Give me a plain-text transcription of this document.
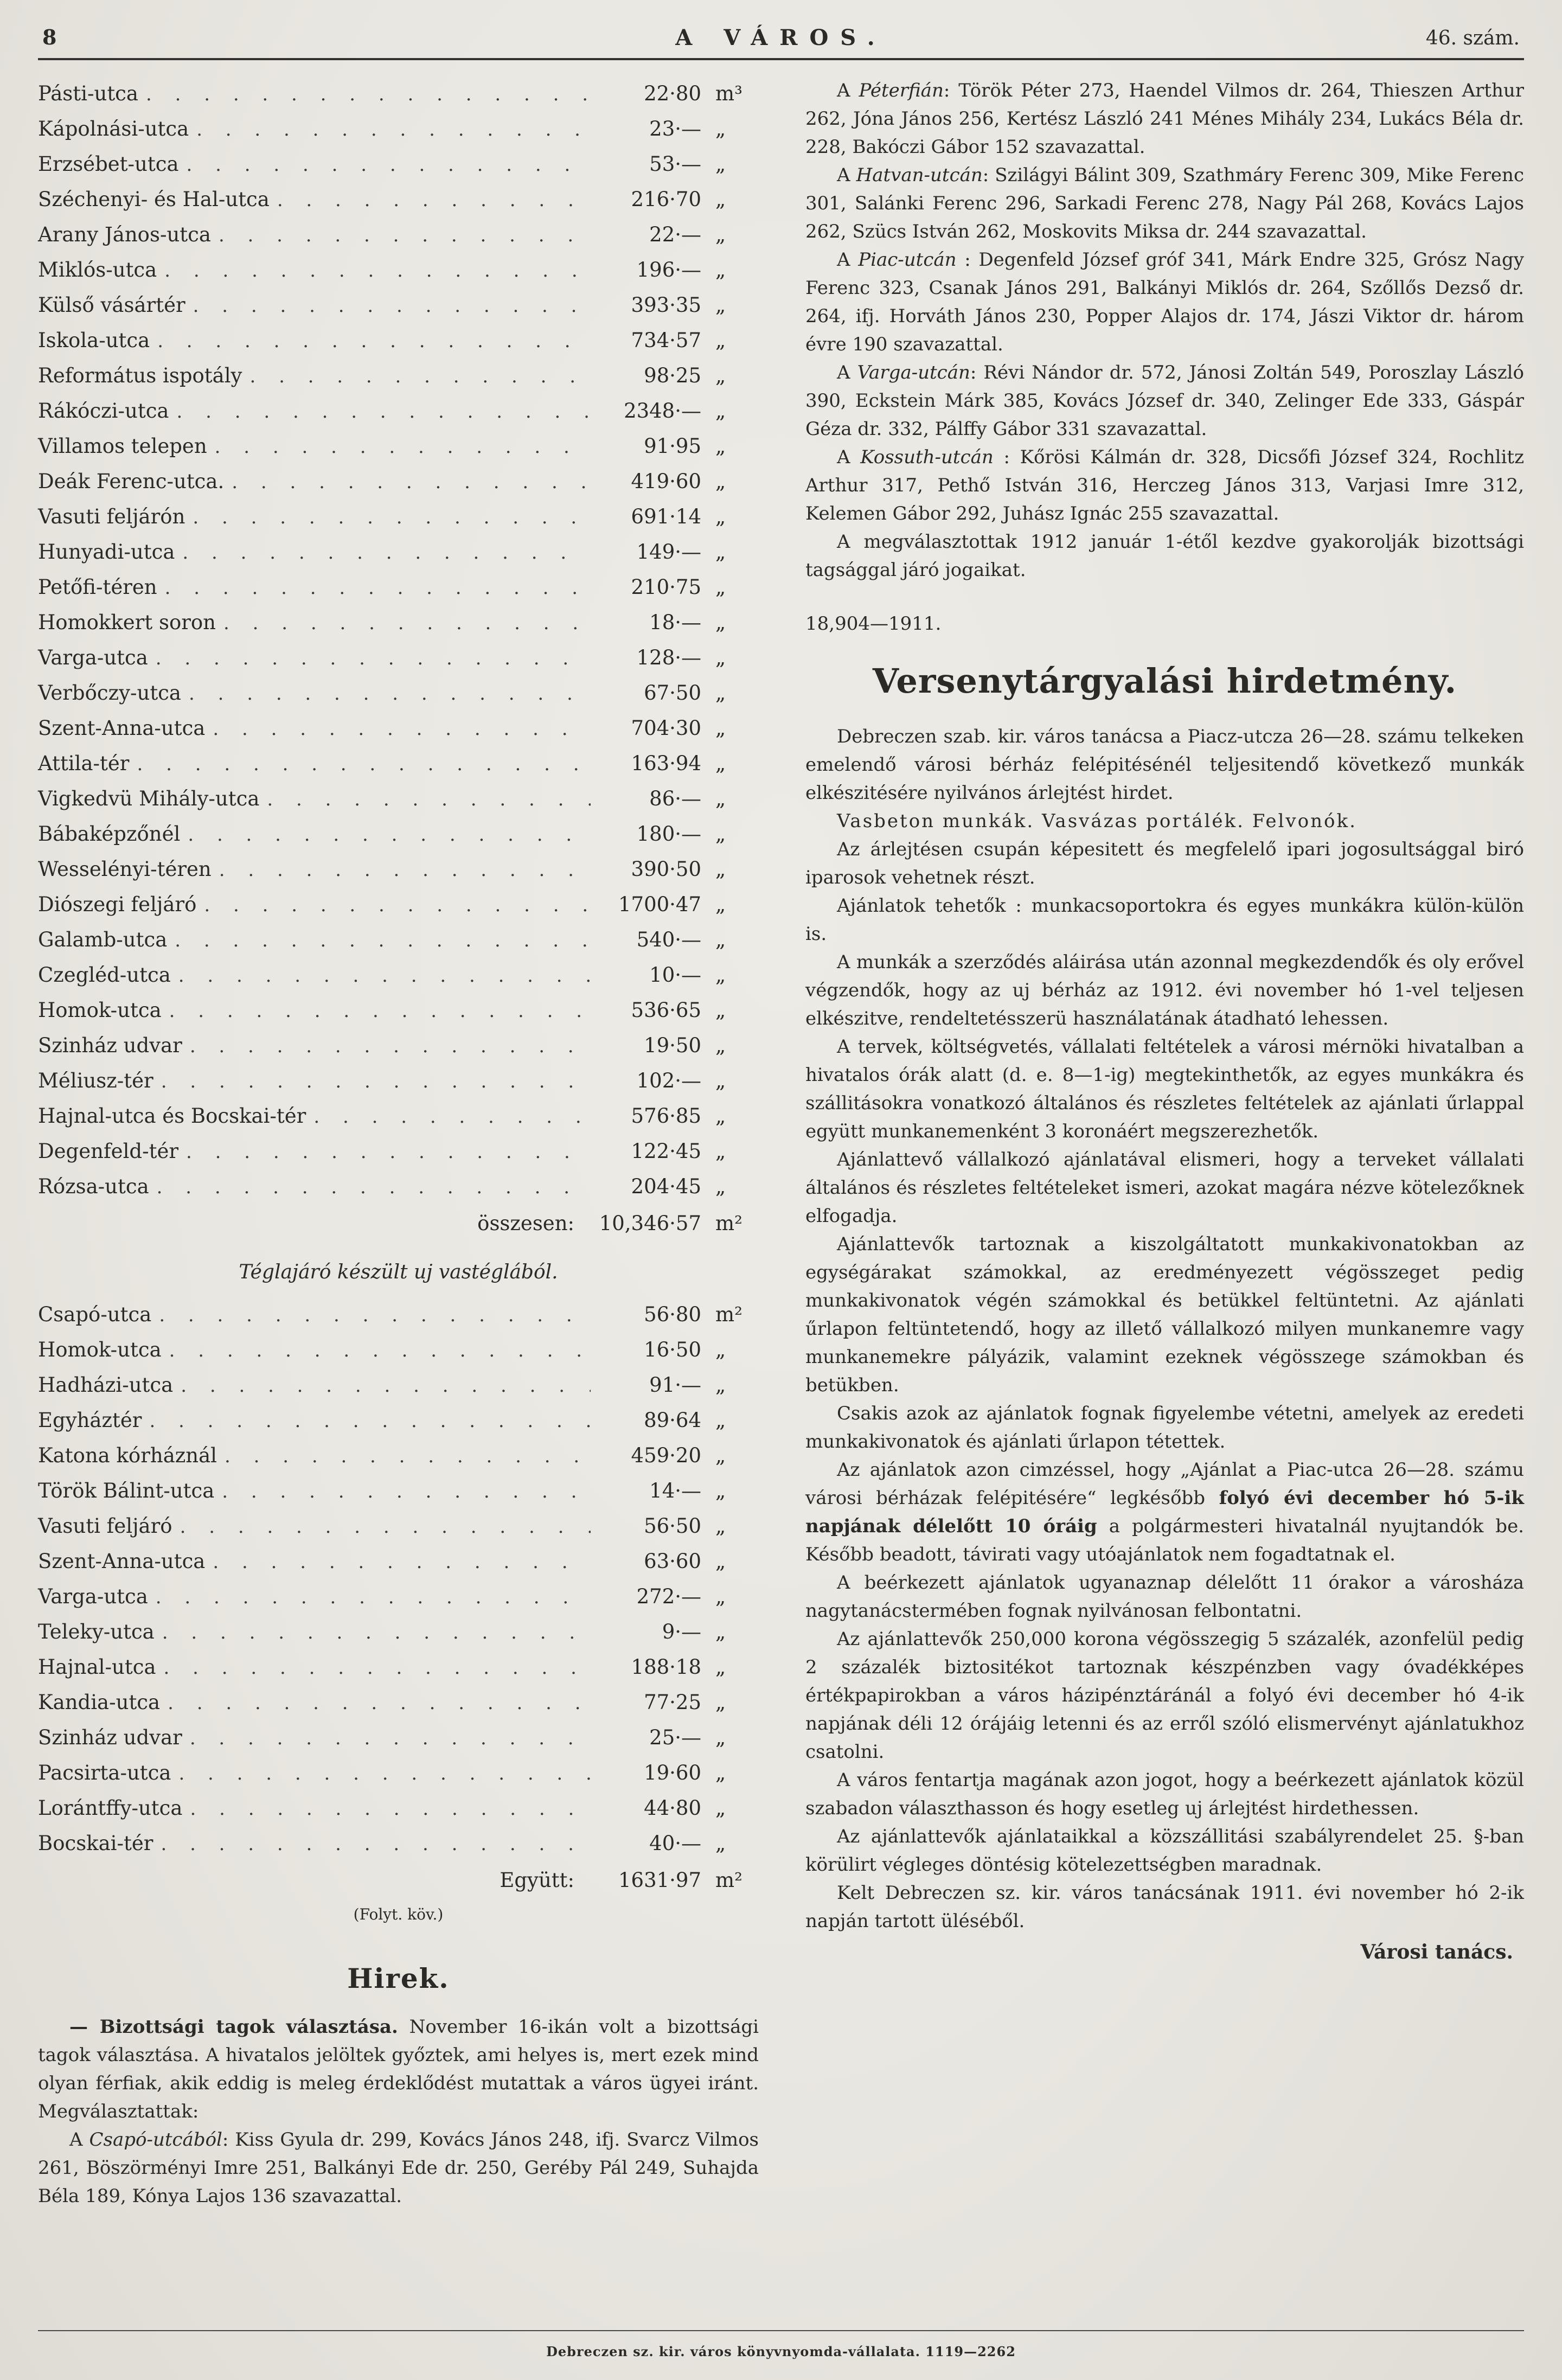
8	A VÁROS.	46. szám.
Pásti-utca . . .	22·80 m³
Kápolnási-utca . . .	23·— „
Erzsébet-utca . . .	53·— „
Széchenyi- és Hal-utca . . .	216·70 „
Arany János-utca . . .	22·— „
Miklós-utca . . .	196·— „
Külső vásártér . . .	393·35 „
Iskola-utca . . .	734·57 „
Református ispotály . . .	98·25 „
Rákóczi-utca . . .	2348·— „
Villamos telepen . . .	91·95 „
Deák Ferenc-utca. . . .	419·60 „
Vasuti feljárón . . .	691·14 „
Hunyadi-utca . . .	149·— „
Petőfi-téren . . .	210·75 „
Homokkert soron . . .	18·— „
Varga-utca . . .	128·— „
Verbőczy-utca . . .	67·50 „
Szent-Anna-utca . . .	704·30 „
Attila-tér . . .	163·94 „
Vigkedvü Mihály-utca . . .	86·— „
Bábaképzőnél . . .	180·— „
Wesselényi-téren . . .	390·50 „
Diószegi feljáró . . .	1700·47 „
Galamb-utca . . .	540·— „
Czegléd-utca . . .	10·— „
Homok-utca . . .	536·65 „
Szinház udvar . . .	19·50 „
Méliusz-tér . . .	102·— „
Hajnal-utca és Bocskai-tér . . .	576·85 „
Degenfeld-tér . . .	122·45 „
Rózsa-utca . . .	204·45 „
összesen: 10,346·57 m²
Téglajáró készült uj vastéglából.
Csapó-utca . . .	56·80 m²
Homok-utca . . .	16·50 „
Hadházi-utca . . .	91·— „
Egyháztér . . .	89·64 „
Katona kórháznál . . .	459·20 „
Török Bálint-utca . . .	14·— „
Vasuti feljáró . . .	56·50 „
Szent-Anna-utca . . .	63·60 „
Varga-utca . . .	272·— „
Teleky-utca . . .	9·— „
Hajnal-utca . . .	188·18 „
Kandia-utca . . .	77·25 „
Szinház udvar . . .	25·— „
Pacsirta-utca . . .	19·60 „
Lorántffy-utca . . .	44·80 „
Bocskai-tér . . .	40·— „
Együtt:	1631·97 m²
(Folyt. köv.)
Hirek.

— Bizottsági tagok választása. November 16-ikán volt a bizottsági tagok választása. A hivatalos jelöltek győztek, ami helyes is, mert ezek mind olyan férfiak, akik eddig is meleg érdeklődést mutattak a város ügyei iránt. Megválasztattak:

A Csapó-utcából: Kiss Gyula dr. 299, Kovács János 248, ifj. Svarcz Vilmos 261, Böszörményi Imre 251, Balkányi Ede dr. 250, Geréby Pál 249, Suhajda Béla 189, Kónya Lajos 136 szavazattal.

A Péterfián: Török Péter 273, Haendel Vilmos dr. 264, Thieszen Arthur 262, Jóna János 256, Kertész László 241 Ménes Mihály 234, Lukács Béla dr. 228, Bakóczi Gábor 152 szavazattal.

A Hatvan-utcán: Szilágyi Bálint 309, Szathmáry Ferenc 309, Mike Ferenc 301, Salánki Ferenc 296, Sarkadi Ferenc 278, Nagy Pál 268, Kovács Lajos 262, Szücs István 262, Moskovits Miksa dr. 244 szavazattal.

A Piac-utcán : Degenfeld József gróf 341, Márk Endre 325, Grósz Nagy Ferenc 323, Csanak János 291, Balkányi Miklós dr. 264, Szőllős Dezső dr. 264, ifj. Horváth János 230, Popper Alajos dr. 174, Jászi Viktor dr. három évre 190 szavazattal.

A Varga-utcán: Révi Nándor dr. 572, Jánosi Zoltán 549, Poroszlay László 390, Eckstein Márk 385, Kovács József dr. 340, Zelinger Ede 333, Gáspár Géza dr. 332, Pálffy Gábor 331 szavazattal.

A Kossuth-utcán : Kőrösi Kálmán dr. 328, Dicsőfi József 324, Rochlitz Arthur 317, Pethő István 316, Herczeg János 313, Varjasi Imre 312, Kelemen Gábor 292, Juhász Ignác 255 szavazattal.

A megválasztottak 1912 január 1-étől kezdve gyakorolják bizottsági tagsággal járó jogaikat.

18,904—1911.

Versenytárgyalási hirdetmény.

Debreczen szab. kir. város tanácsa a Piacz-utcza 26—28. számu telkeken emelendő városi bérház felépitésénél teljesitendő következő munkák elkészitésére nyilvános árlejtést hirdet.

Vasbeton munkák. Vasvázas portálék. Felvonók.

Az árlejtésen csupán képesitett és megfelelő ipari jogosultsággal biró iparosok vehetnek részt.

Ajánlatok tehetők : munkacsoportokra és egyes munkákra külön-külön is.

A munkák a szerződés aláirása után azonnal megkezdendők és oly erővel végzendők, hogy az uj bérház az 1912. évi november hó 1-vel teljesen elkészitve, rendeltetésszerü használatának átadható lehessen.

A tervek, költségvetés, vállalati feltételek a városi mérnöki hivatalban a hivatalos órák alatt (d. e. 8—1-ig) megtekinthetők, az egyes munkákra és szállitásokra vonatkozó általános és részletes feltételek az ajánlati űrlappal együtt munkanemenként 3 koronáért megszerezhetők.

Ajánlattevő vállalkozó ajánlatával elismeri, hogy a terveket vállalati általános és részletes feltételeket ismeri, azokat magára nézve kötelezőknek elfogadja.

Ajánlattevők tartoznak a kiszolgáltatott munkakivonatokban az egységárakat számokkal, az eredményezett végösszeget pedig munkakivonatok végén számokkal és betükkel feltüntetni. Az ajánlati űrlapon feltüntetendő, hogy az illető vállalkozó milyen munkanemre vagy munkanemekre pályázik, valamint ezeknek végösszege számokban és betükben.

Csakis azok az ajánlatok fognak figyelembe vétetni, amelyek az eredeti munkakivonatok és ajánlati űrlapon tétettek.

Az ajánlatok azon cimzéssel, hogy „Ajánlat a Piac-utca 26—28. számu városi bérházak felépitésére“ legkésőbb folyó évi december hó 5-ik napjának délelőtt 10 óráig a polgármesteri hivatalnál nyujtandók be. Később beadott, távirati vagy utóajánlatok nem fogadtatnak el.

A beérkezett ajánlatok ugyanaznap délelőtt 11 órakor a városháza nagytanácstermében fognak nyilvánosan felbontatni.

Az ajánlattevők 250,000 korona végösszegig 5 százalék, azonfelül pedig 2 százalék biztositékot tartoznak készpénzben vagy óvadékképes értékpapirokban a város házipénztáránál a folyó évi december hó 4-ik napjának déli 12 órájáig letenni és az erről szóló elismervényt ajánlatukhoz csatolni.

A város fentartja magának azon jogot, hogy a beérkezett ajánlatok közül szabadon választhasson és hogy esetleg uj árlejtést hirdethessen.

Az ajánlattevők ajánlataikkal a közszállitási szabályrendelet 25. §-ban körülirt végleges döntésig kötelezettségben maradnak.

Kelt Debreczen sz. kir. város tanácsának 1911. évi november hó 2-ik napján tartott üléséből.

Városi tanács.

Debreczen sz. kir. város könyvnyomda-vállalata. 1119—2262
